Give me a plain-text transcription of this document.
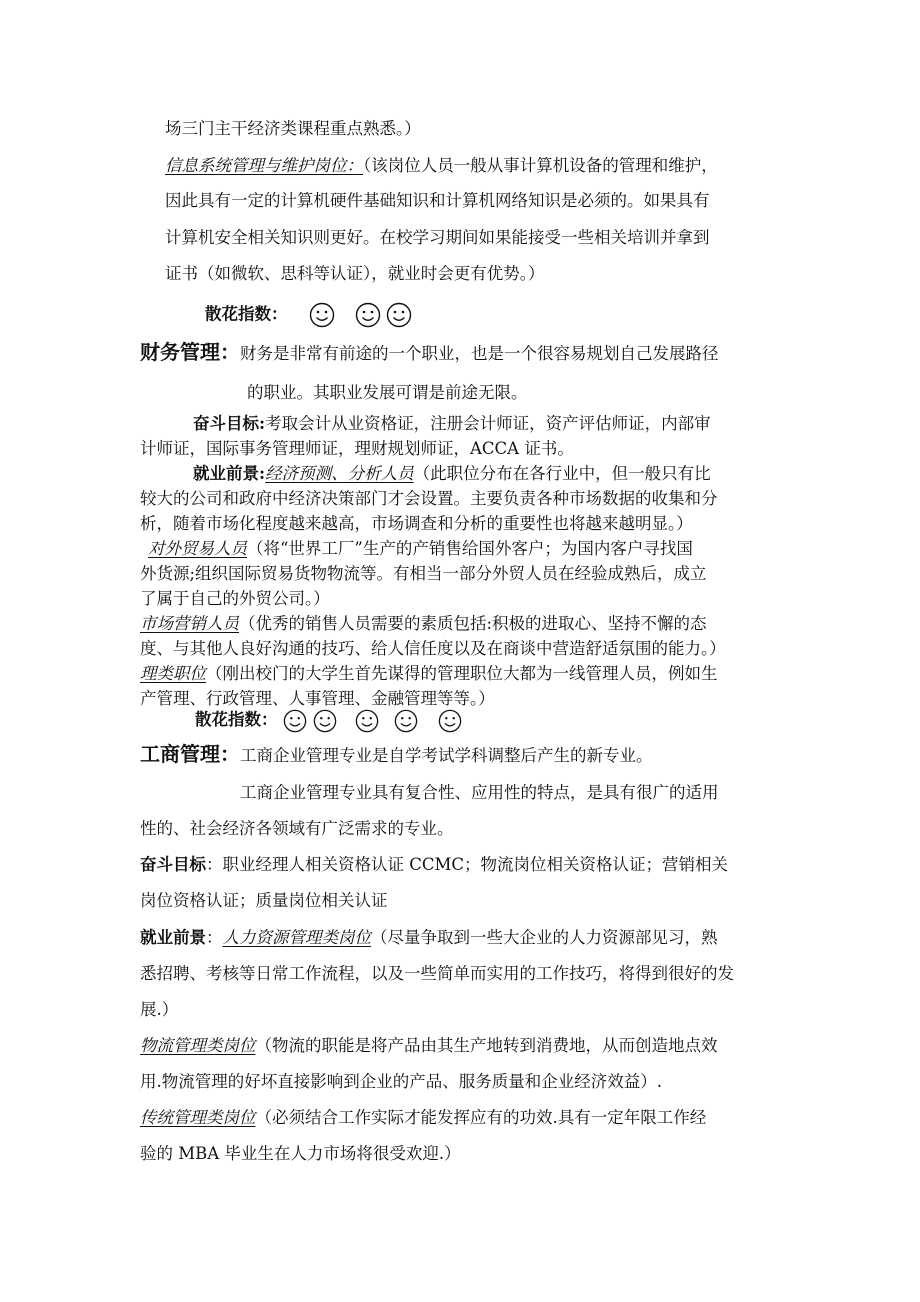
场三门主干经济类课程重点熟悉。）
信息系统管理与维护岗位：（该岗位人员一般从事计算机设备的管理和维护，
因此具有一定的计算机硬件基础知识和计算机网络知识是必须的。如果具有
计算机安全相关知识则更好。在校学习期间如果能接受一些相关培训并拿到
证书（如微软、思科等认证），就业时会更有优势。）
散花指数：

财务管理：财务是非常有前途的一个职业，也是一个很容易规划自己发展路径
的职业。其职业发展可谓是前途无限。
奋斗目标:考取会计从业资格证，注册会计师证，资产评估师证，内部审
计师证，国际事务管理师证，理财规划师证，ACCA 证书。
就业前景:经济预测、分析人员（此职位分布在各行业中，但一般只有比
较大的公司和政府中经济决策部门才会设置。主要负责各种市场数据的收集和分
析，随着市场化程度越来越高，市场调查和分析的重要性也将越来越明显。）
对外贸易人员（将“世界工厂”生产的产销售给国外客户；为国内客户寻找国
外货源;组织国际贸易货物物流等。有相当一部分外贸人员在经验成熟后，成立
了属于自己的外贸公司。）
市场营销人员（优秀的销售人员需要的素质包括:积极的进取心、坚持不懈的态
度、与其他人良好沟通的技巧、给人信任度以及在商谈中营造舒适氛围的能力。）
理类职位（刚出校门的大学生首先谋得的管理职位大都为一线管理人员，例如生
产管理、行政管理、人事管理、金融管理等等。）
散花指数：

工商管理：工商企业管理专业是自学考试学科调整后产生的新专业。
工商企业管理专业具有复合性、应用性的特点，是具有很广的适用
性的、社会经济各领域有广泛需求的专业。
奋斗目标：职业经理人相关资格认证 CCMC；物流岗位相关资格认证；营销相关
岗位资格认证；质量岗位相关认证
就业前景：人力资源管理类岗位（尽量争取到一些大企业的人力资源部见习，熟
悉招聘、考核等日常工作流程，以及一些简单而实用的工作技巧，将得到很好的发
展.）
物流管理类岗位（物流的职能是将产品由其生产地转到消费地，从而创造地点效
用.物流管理的好坏直接影响到企业的产品、服务质量和企业经济效益）.
传统管理类岗位（必须结合工作实际才能发挥应有的功效.具有一定年限工作经
验的 MBA 毕业生在人力市场将很受欢迎.）
